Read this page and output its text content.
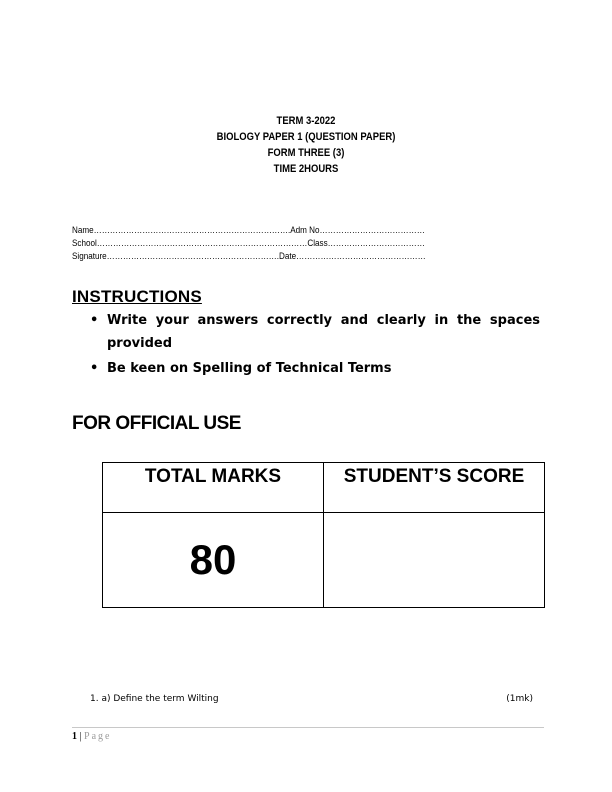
TERM 3-2022
BIOLOGY PAPER 1 (QUESTION PAPER)
FORM THREE (3)
TIME 2HOURS
Name……………………………………………………………….Adm No…………………………………
School……………………………………………………………………Class………………………………
Signature……………………………………………………….Date…………………………………………
INSTRUCTIONS
• Write your answers correctly and clearly in the spaces
provided
• Be keen on Spelling of Technical Terms
FOR OFFICIAL USE
TOTAL MARKS	STUDENT’S SCORE
80	
1. a) Define the term Wilting	(1mk)
1 | Page
